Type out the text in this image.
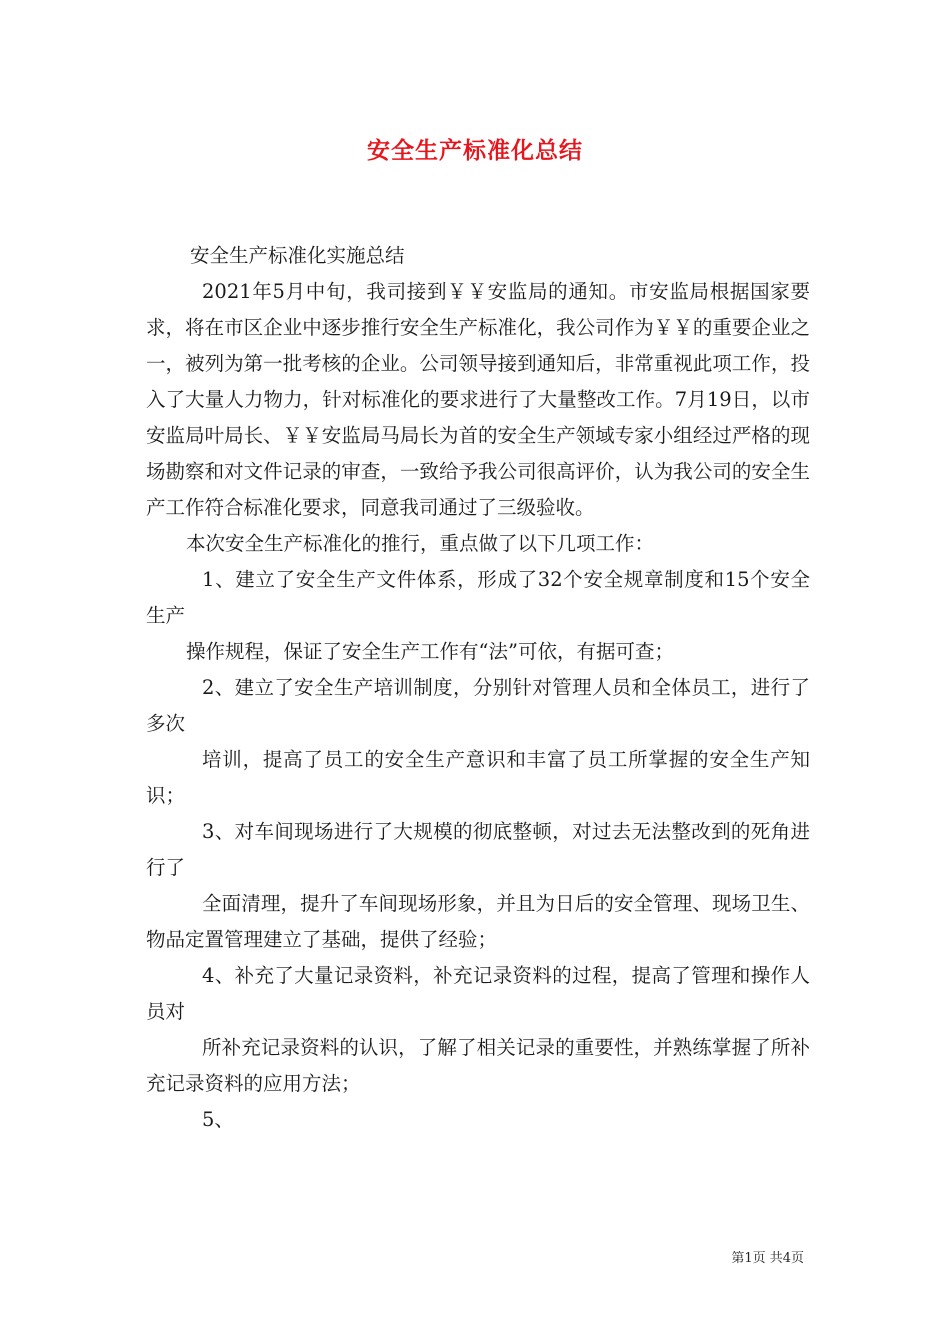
安全生产标准化总结

安全生产标准化实施总结

2021年5月中旬，我司接到￥￥安监局的通知。市安监局根据国家要求，将在市区企业中逐步推行安全生产标准化，我公司作为￥￥的重要企业之一，被列为第一批考核的企业。公司领导接到通知后，非常重视此项工作，投入了大量人力物力，针对标准化的要求进行了大量整改工作。7月19日，以市安监局叶局长、￥￥安监局马局长为首的安全生产领域专家小组经过严格的现场勘察和对文件记录的审查，一致给予我公司很高评价，认为我公司的安全生产工作符合标准化要求，同意我司通过了三级验收。

本次安全生产标准化的推行，重点做了以下几项工作：

1、建立了安全生产文件体系，形成了32个安全规章制度和15个安全生产

操作规程，保证了安全生产工作有“法”可依，有据可查；

2、建立了安全生产培训制度，分别针对管理人员和全体员工，进行了多次

培训，提高了员工的安全生产意识和丰富了员工所掌握的安全生产知识；

3、对车间现场进行了大规模的彻底整顿，对过去无法整改到的死角进行了

全面清理，提升了车间现场形象，并且为日后的安全管理、现场卫生、物品定置管理建立了基础，提供了经验；

4、补充了大量记录资料，补充记录资料的过程，提高了管理和操作人员对

所补充记录资料的认识，了解了相关记录的重要性，并熟练掌握了所补充记录资料的应用方法；

5、

第1页 共4页
